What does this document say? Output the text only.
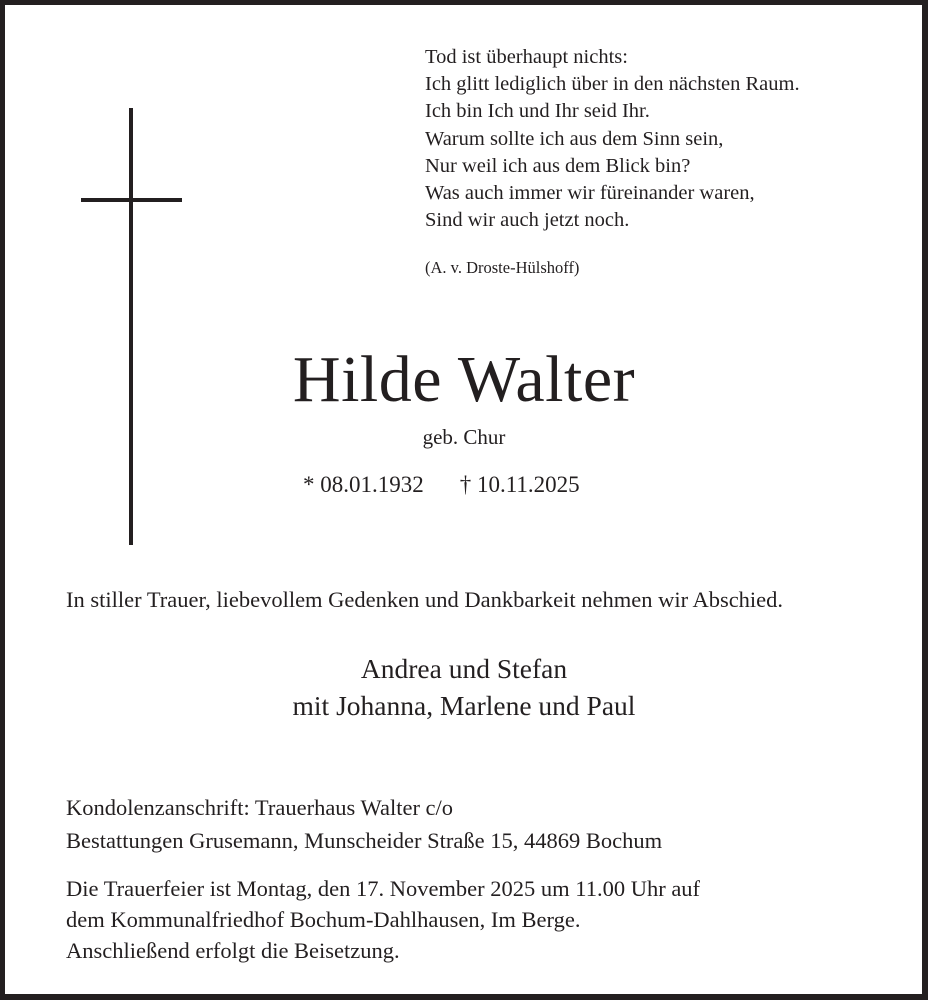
Tod ist überhaupt nichts:
Ich glitt lediglich über in den nächsten Raum.
Ich bin Ich und Ihr seid Ihr.
Warum sollte ich aus dem Sinn sein,
Nur weil ich aus dem Blick bin?
Was auch immer wir füreinander waren,
Sind wir auch jetzt noch.
(A. v. Droste-Hülshoff)
Hilde Walter
geb. Chur
* 08.01.1932 † 10.11.2025
In stiller Trauer, liebevollem Gedenken und Dankbarkeit nehmen wir Abschied.
Andrea und Stefan
mit Johanna, Marlene und Paul
Kondolenzanschrift: Trauerhaus Walter c/o
Bestattungen Grusemann, Munscheider Straße 15, 44869 Bochum
Die Trauerfeier ist Montag, den 17. November 2025 um 11.00 Uhr auf
dem Kommunalfriedhof Bochum-Dahlhausen, Im Berge.
Anschließend erfolgt die Beisetzung.
